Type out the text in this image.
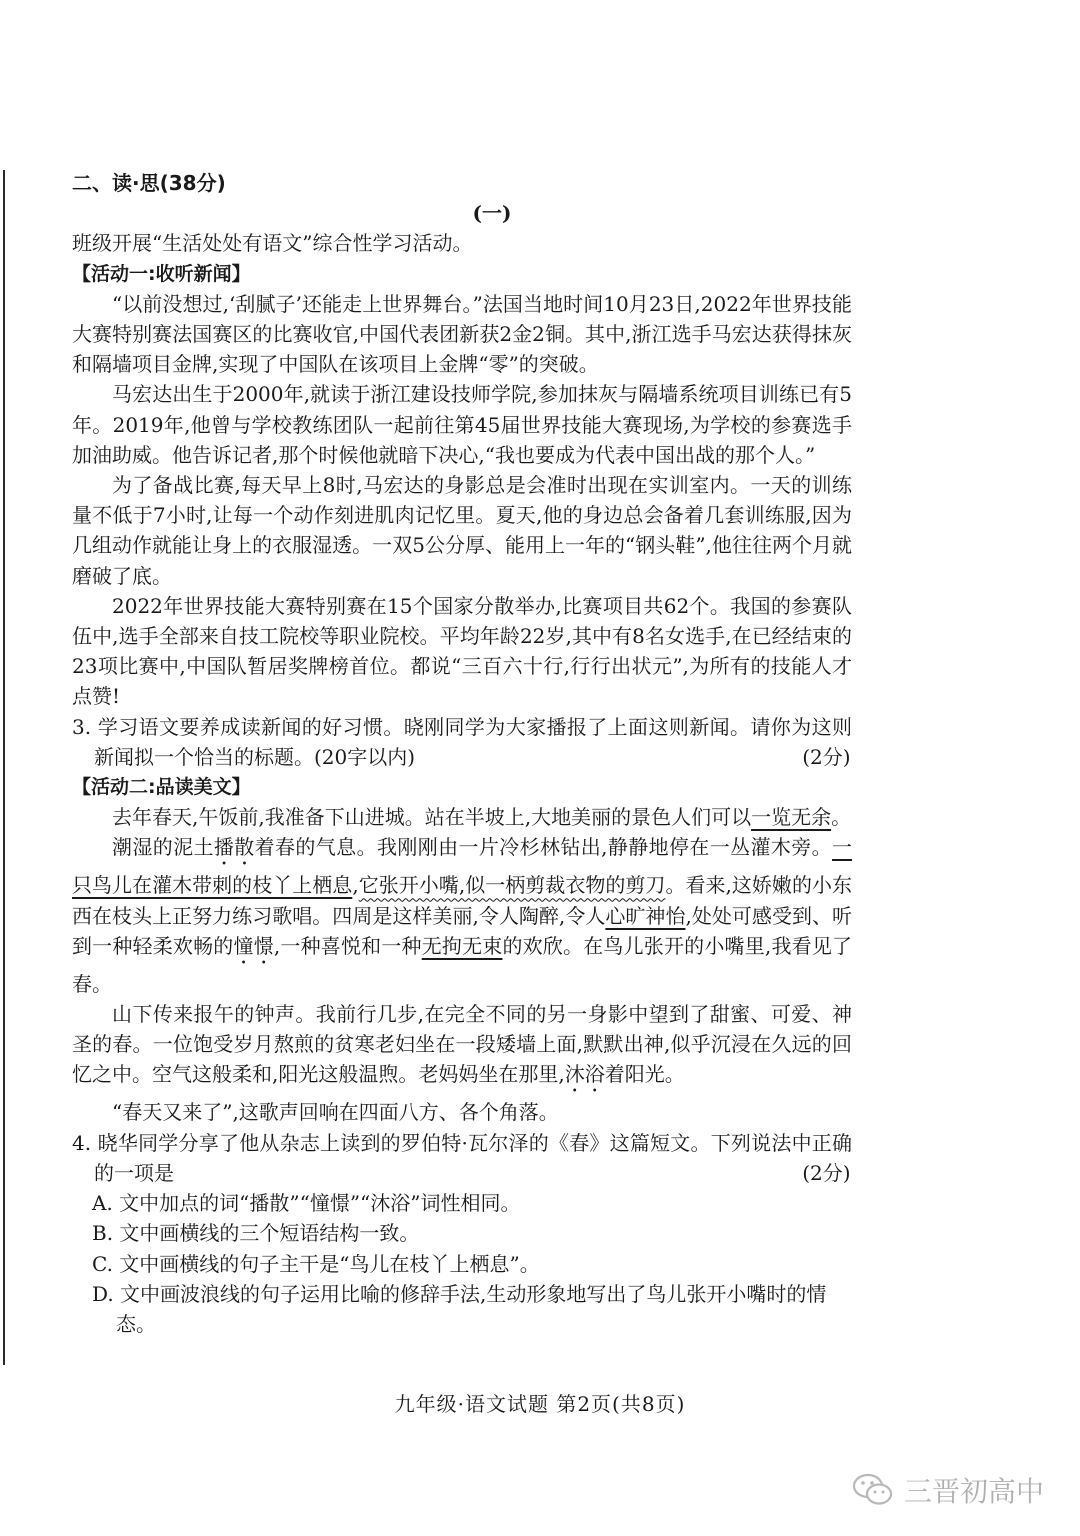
二、读·思(38分)

(一)

班级开展“生活处处有语文”综合性学习活动。

【活动一:收听新闻】

“以前没想过,‘刮腻子’还能走上世界舞台。”法国当地时间10月23日,2022年世界技能大赛特别赛法国赛区的比赛收官,中国代表团新获2金2铜。其中,浙江选手马宏达获得抹灰和隔墙项目金牌,实现了中国队在该项目上金牌“零”的突破。

马宏达出生于2000年,就读于浙江建设技师学院,参加抹灰与隔墙系统项目训练已有5年。2019年,他曾与学校教练团队一起前往第45届世界技能大赛现场,为学校的参赛选手加油助威。他告诉记者,那个时候他就暗下决心,“我也要成为代表中国出战的那个人。”

为了备战比赛,每天早上8时,马宏达的身影总是会准时出现在实训室内。一天的训练量不低于7小时,让每一个动作刻进肌肉记忆里。夏天,他的身边总会备着几套训练服,因为几组动作就能让身上的衣服湿透。一双5公分厚、能用上一年的“钢头鞋”,他往往两个月就磨破了底。

2022年世界技能大赛特别赛在15个国家分散举办,比赛项目共62个。我国的参赛队伍中,选手全部来自技工院校等职业院校。平均年龄22岁,其中有8名女选手,在已经结束的23项比赛中,中国队暂居奖牌榜首位。都说“三百六十行,行行出状元”,为所有的技能人才点赞!

3. 学习语文要养成读新闻的好习惯。晓刚同学为大家播报了上面这则新闻。请你为这则新闻拟一个恰当的标题。(20字以内)	(2分)

【活动二:品读美文】

去年春天,午饭前,我准备下山进城。站在半坡上,大地美丽的景色人们可以一览无余。

潮湿的泥土播散着春的气息。我刚刚由一片冷杉林钻出,静静地停在一丛灌木旁。一只鸟儿在灌木带刺的枝丫上栖息,它张开小嘴,似一柄剪裁衣物的剪刀。看来,这娇嫩的小东西在枝头上正努力练习歌唱。四周是这样美丽,令人陶醉,令人心旷神怡,处处可感受到、听到一种轻柔欢畅的憧憬,一种喜悦和一种无拘无束的欢欣。在鸟儿张开的小嘴里,我看见了春。

山下传来报午的钟声。我前行几步,在完全不同的另一身影中望到了甜蜜、可爱、神圣的春。一位饱受岁月熬煎的贫寒老妇坐在一段矮墙上面,默默出神,似乎沉浸在久远的回忆之中。空气这般柔和,阳光这般温煦。老妈妈坐在那里,沐浴着阳光。

“春天又来了”,这歌声回响在四面八方、各个角落。

4. 晓华同学分享了他从杂志上读到的罗伯特·瓦尔泽的《春》这篇短文。下列说法中正确的一项是	(2分)

A. 文中加点的词“播散”“憧憬”“沐浴”词性相同。

B. 文中画横线的三个短语结构一致。

C. 文中画横线的句子主干是“鸟儿在枝丫上栖息”。

D. 文中画波浪线的句子运用比喻的修辞手法,生动形象地写出了鸟儿张开小嘴时的情态。

九年级·语文试题 第2页(共8页)
三晋初高中
